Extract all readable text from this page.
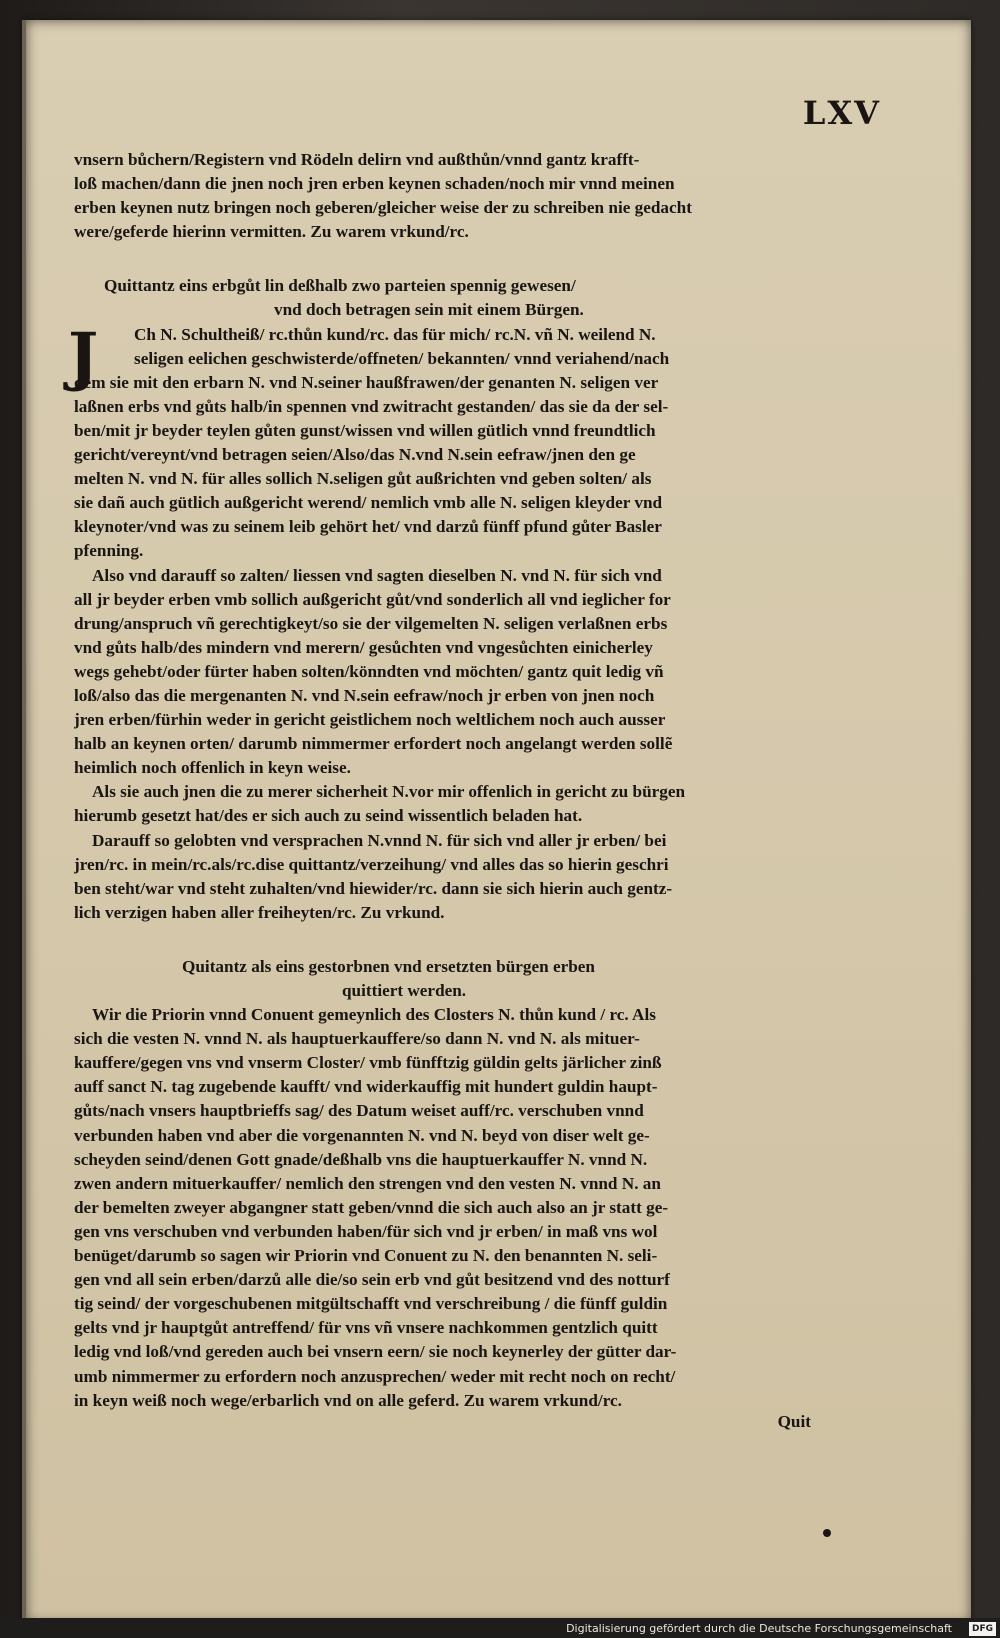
LXV
vnsern bůchern/Registern vnd Rödeln delirn vnd außthůn/vnnd gantz krafft-
loß machen/dann die jnen noch jren erben keynen schaden/noch mir vnnd meinen
erben keynen nutz bringen noch geberen/gleicher weise der zu schreiben nie gedacht
were/geferde hierinn vermitten. Zu warem vrkund/rc.
Quittantz eins erbgůt lin deßhalb zwo parteien spennig gewesen/
vnd doch betragen sein mit einem Bürgen.
J	Ch N. Schultheiß/ rc.thůn kund/rc. das für mich/ rc.N. vñ N. weilend N.
seligen eelichen geschwisterde/offneten/ bekannten/ vnnd veriahend/nach
dem sie mit den erbarn N. vnd N.seiner haußfrawen/der genanten N. seligen ver
laßnen erbs vnd gůts halb/in spennen vnd zwitracht gestanden/ das sie da der sel-
ben/mit jr beyder teylen gůten gunst/wissen vnd willen gütlich vnnd freundtlich
gericht/vereynt/vnd betragen seien/Also/das N.vnd N.sein eefraw/jnen den ge
melten N. vnd N. für alles sollich N.seligen gůt außrichten vnd geben solten/ als
sie dañ auch gütlich außgericht werend/ nemlich vmb alle N. seligen kleyder vnd
kleynoter/vnd was zu seinem leib gehört het/ vnd darzů fünff pfund gůter Basler
pfenning.
Also vnd darauff so zalten/ liessen vnd sagten dieselben N. vnd N. für sich vnd
all jr beyder erben vmb sollich außgericht gůt/vnd sonderlich all vnd ieglicher for
drung/anspruch vñ gerechtigkeyt/so sie der vilgemelten N. seligen verlaßnen erbs
vnd gůts halb/des mindern vnd merern/ gesůchten vnd vngesůchten einicherley
wegs gehebt/oder fürter haben solten/könndten vnd möchten/ gantz quit ledig vñ
loß/also das die mergenanten N. vnd N.sein eefraw/noch jr erben von jnen noch
jren erben/fürhin weder in gericht geistlichem noch weltlichem noch auch ausser
halb an keynen orten/ darumb nimmermer erfordert noch angelangt werden sollẽ
heimlich noch offenlich in keyn weise.
Als sie auch jnen die zu merer sicherheit N.vor mir offenlich in gericht zu bürgen
hierumb gesetzt hat/des er sich auch zu seind wissentlich beladen hat.
Darauff so gelobten vnd versprachen N.vnnd N. für sich vnd aller jr erben/ bei
jren/rc. in mein/rc.als/rc.dise quittantz/verzeihung/ vnd alles das so hierin geschri
ben steht/war vnd steht zuhalten/vnd hiewider/rc. dann sie sich hierin auch gentz-
lich verzigen haben aller freiheyten/rc. Zu vrkund.
Quitantz als eins gestorbnen vnd ersetzten bürgen erben
quittiert werden.
Wir die Priorin vnnd Conuent gemeynlich des Closters N. thůn kund / rc. Als
sich die vesten N. vnnd N. als hauptuerkauffere/so dann N. vnd N. als mituer-
kauffere/gegen vns vnd vnserm Closter/ vmb fünfftzig güldin gelts järlicher zinß
auff sanct N. tag zugebende kaufft/ vnd widerkauffig mit hundert guldin haupt-
gůts/nach vnsers hauptbrieffs sag/ des Datum weiset auff/rc. verschuben vnnd
verbunden haben vnd aber die vorgenannten N. vnd N. beyd von diser welt ge-
scheyden seind/denen Gott gnade/deßhalb vns die hauptuerkauffer N. vnnd N.
zwen andern mituerkauffer/ nemlich den strengen vnd den vesten N. vnnd N. an
der bemelten zweyer abgangner statt geben/vnnd die sich auch also an jr statt ge-
gen vns verschuben vnd verbunden haben/für sich vnd jr erben/ in maß vns wol
benüget/darumb so sagen wir Priorin vnd Conuent zu N. den benannten N. seli-
gen vnd all sein erben/darzů alle die/so sein erb vnd gůt besitzend vnd des notturf
tig seind/ der vorgeschubenen mitgültschafft vnd verschreibung / die fünff guldin
gelts vnd jr hauptgůt antreffend/ für vns vñ vnsere nachkommen gentzlich quitt
ledig vnd loß/vnd gereden auch bei vnsern eern/ sie noch keynerley der gütter dar-
umb nimmermer zu erfordern noch anzusprechen/ weder mit recht noch on recht/
in keyn weiß noch wege/erbarlich vnd on alle geferd. Zu warem vrkund/rc.
Quit
Digitalisierung gefördert durch die Deutsche Forschungsgemeinschaft	DFG
